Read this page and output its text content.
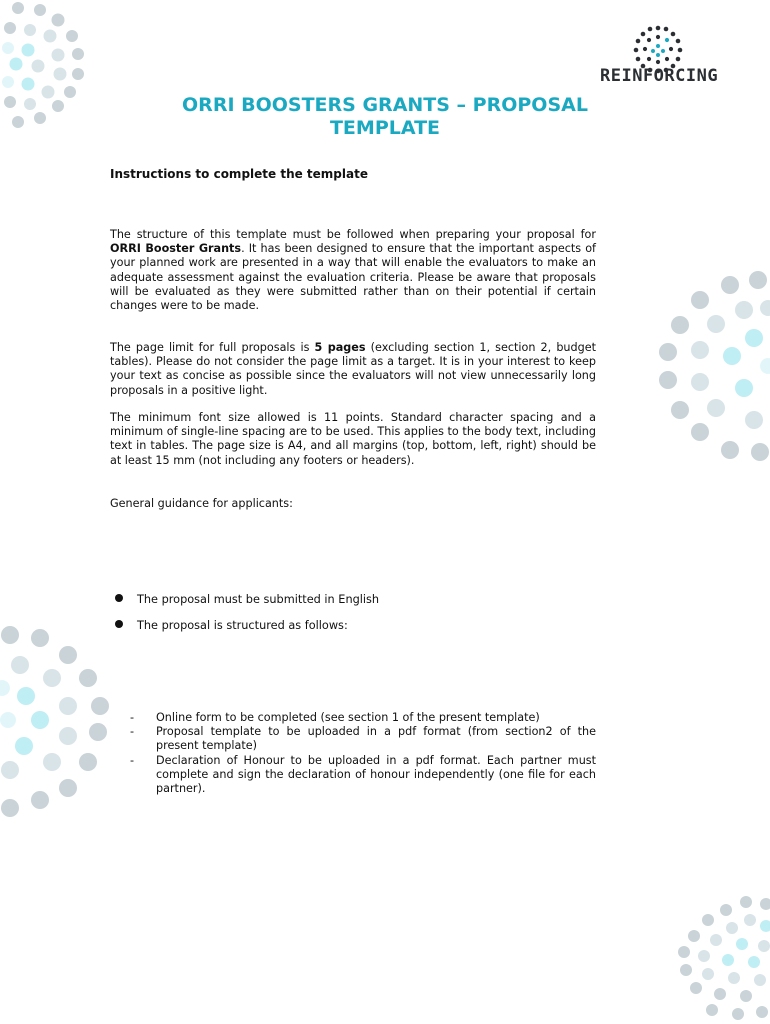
REINFORCING
ORRI BOOSTERS GRANTS – PROPOSAL
TEMPLATE
Instructions to complete the template
The structure of this template must be followed when preparing your proposal for ORRI Booster Grants. It has been designed to ensure that the important aspects of your planned work are presented in a way that will enable the evaluators to make an adequate assessment against the evaluation criteria. Please be aware that proposals will be evaluated as they were submitted rather than on their potential if certain changes were to be made.
The page limit for full proposals is 5 pages (excluding section 1, section 2, budget tables). Please do not consider the page limit as a target. It is in your interest to keep your text as concise as possible since the evaluators will not view unnecessarily long proposals in a positive light.
The minimum font size allowed is 11 points. Standard character spacing and a minimum of single-line spacing are to be used. This applies to the body text, including text in tables. The page size is A4, and all margins (top, bottom, left, right) should be at least 15 mm (not including any footers or headers).
General guidance for applicants:
The proposal must be submitted in English
The proposal is structured as follows:
- Online form to be completed (see section 1 of the present template)
- Proposal template to be uploaded in a pdf format (from section2 of the present template)
- Declaration of Honour to be uploaded in a pdf format. Each partner must complete and sign the declaration of honour independently (one file for each partner).
